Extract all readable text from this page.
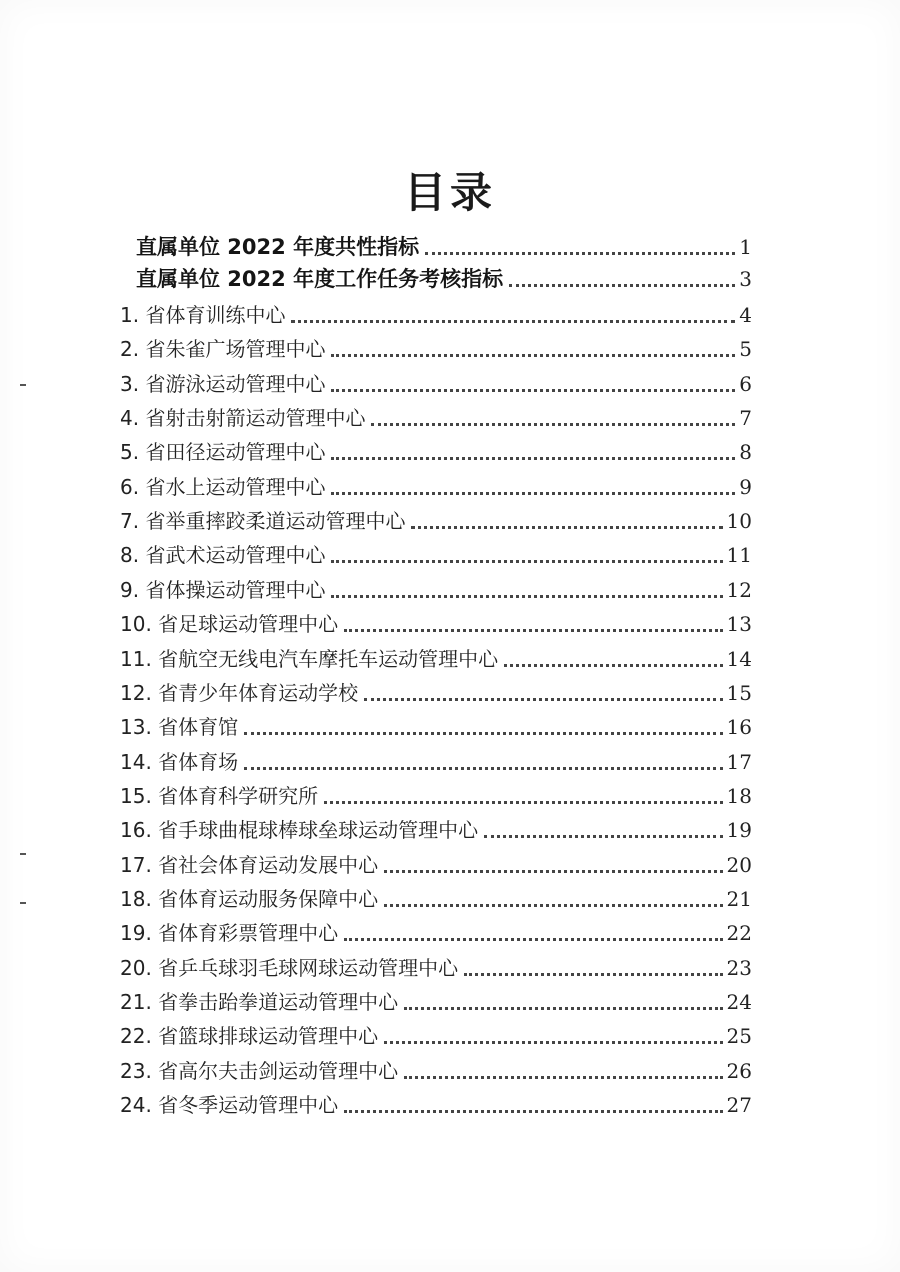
目录
直属单位 2022 年度共性指标	1
直属单位 2022 年度工作任务考核指标	3
1. 省体育训练中心	4
2. 省朱雀广场管理中心	5
3. 省游泳运动管理中心	6
4. 省射击射箭运动管理中心	7
5. 省田径运动管理中心	8
6. 省水上运动管理中心	9
7. 省举重摔跤柔道运动管理中心	10
8. 省武术运动管理中心	11
9. 省体操运动管理中心	12
10. 省足球运动管理中心	13
11. 省航空无线电汽车摩托车运动管理中心	14
12. 省青少年体育运动学校	15
13. 省体育馆	16
14. 省体育场	17
15. 省体育科学研究所	18
16. 省手球曲棍球棒球垒球运动管理中心	19
17. 省社会体育运动发展中心	20
18. 省体育运动服务保障中心	21
19. 省体育彩票管理中心	22
20. 省乒乓球羽毛球网球运动管理中心	23
21. 省拳击跆拳道运动管理中心	24
22. 省篮球排球运动管理中心	25
23. 省高尔夫击剑运动管理中心	26
24. 省冬季运动管理中心	27
